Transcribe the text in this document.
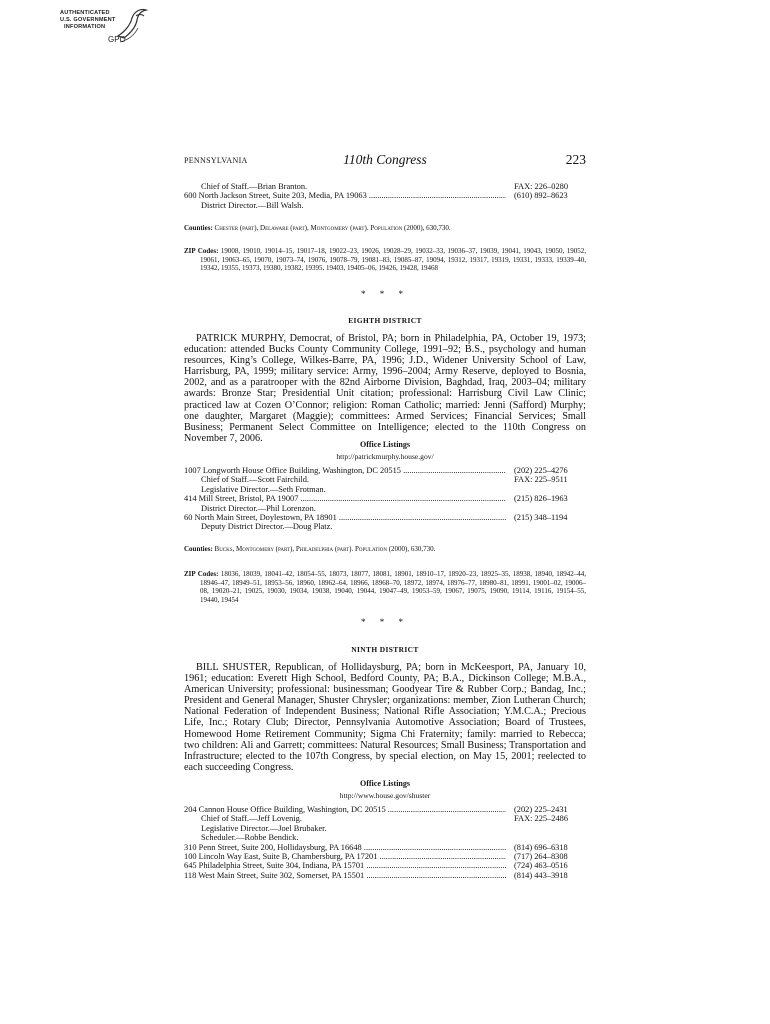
AUTHENTICATED
U.S. GOVERNMENT
INFORMATION
GPO
PENNSYLVANIA	110th Congress	223
Chief of Staff.—Brian Branton.	FAX: 226–0280
600 North Jackson Street, Suite 203, Media, PA 19063 .....	(610) 892–8623
District Director.—Bill Walsh.
Counties: Chester (part), Delaware (part), Montgomery (part). Population (2000), 630,730.
ZIP Codes: 19008, 19010, 19014–15, 19017–18, 19022–23, 19026, 19028–29, 19032–33, 19036–37, 19039, 19041, 19043, 19050, 19052, 19061, 19063–65, 19070, 19073–74, 19076, 19078–79, 19081–83, 19085–87, 19094, 19312, 19317, 19319, 19331, 19333, 19339–40, 19342, 19355, 19373, 19380, 19382, 19395, 19403, 19405–06, 19426, 19428, 19468
* * *
EIGHTH DISTRICT

PATRICK MURPHY, Democrat, of Bristol, PA; born in Philadelphia, PA, October 19, 1973; education: attended Bucks County Community College, 1991–92; B.S., psychology and human resources, King’s College, Wilkes-Barre, PA, 1996; J.D., Widener University School of Law, Harrisburg, PA, 1999; military service: Army, 1996–2004; Army Reserve, deployed to Bosnia, 2002, and as a paratrooper with the 82nd Airborne Division, Baghdad, Iraq, 2003–04; military awards: Bronze Star; Presidential Unit citation; professional: Harrisburg Civil Law Clinic; practiced law at Cozen O’Connor; religion: Roman Catholic; married: Jenni (Safford) Murphy; one daughter, Margaret (Maggie); committees: Armed Services; Financial Services; Small Business; Permanent Select Committee on Intelligence; elected to the 110th Congress on November 7, 2006.

Office Listings
http://patrickmurphy.house.gov/
1007 Longworth House Office Building, Washington, DC 20515 .....	(202) 225–4276
Chief of Staff.—Scott Fairchild.	FAX: 225–9511
Legislative Director.—Seth Frotman.
414 Mill Street, Bristol, PA 19007 .....	(215) 826–1963
District Director.—Phil Lorenzon.
60 North Main Street, Doylestown, PA 18901 .....	(215) 348–1194
Deputy District Director.—Doug Platz.
Counties: Bucks, Montgomery (part), Philadelphia (part). Population (2000), 630,730.
ZIP Codes: 18036, 18039, 18041–42, 18054–55, 18073, 18077, 18081, 18901, 18910–17, 18920–23, 18925–35, 18938, 18940, 18942–44, 18946–47, 18949–51, 18953–56, 18960, 18962–64, 18966, 18968–70, 18972, 18974, 18976–77, 18980–81, 18991, 19001–02, 19006–08, 19020–21, 19025, 19030, 19034, 19038, 19040, 19044, 19047–49, 19053–59, 19067, 19075, 19090, 19114, 19116, 19154–55, 19440, 19454
* * *
NINTH DISTRICT

BILL SHUSTER, Republican, of Hollidaysburg, PA; born in McKeesport, PA, January 10, 1961; education: Everett High School, Bedford County, PA; B.A., Dickinson College; M.B.A., American University; professional: businessman; Goodyear Tire & Rubber Corp.; Bandag, Inc.; President and General Manager, Shuster Chrysler; organizations: member, Zion Lutheran Church; National Federation of Independent Business; National Rifle Association; Y.M.C.A.; Precious Life, Inc.; Rotary Club; Director, Pennsylvania Automotive Association; Board of Trustees, Homewood Home Retirement Community; Sigma Chi Fraternity; family: married to Rebecca; two children: Ali and Garrett; committees: Natural Resources; Small Business; Transportation and Infrastructure; elected to the 107th Congress, by special election, on May 15, 2001; reelected to each succeeding Congress.

Office Listings
http://www.house.gov/shuster
204 Cannon House Office Building, Washington, DC 20515 .....	(202) 225–2431
Chief of Staff.—Jeff Lovenig.	FAX: 225–2486
Legislative Director.—Joel Brubaker.
Scheduler.—Robbe Bendick.
310 Penn Street, Suite 200, Hollidaysburg, PA 16648 .....	(814) 696–6318
100 Lincoln Way East, Suite B, Chambersburg, PA 17201 .....	(717) 264–8308
645 Philadelphia Street, Suite 304, Indiana, PA 15701 .....	(724) 463–0516
118 West Main Street, Suite 302, Somerset, PA 15501 .....	(814) 443–3918
